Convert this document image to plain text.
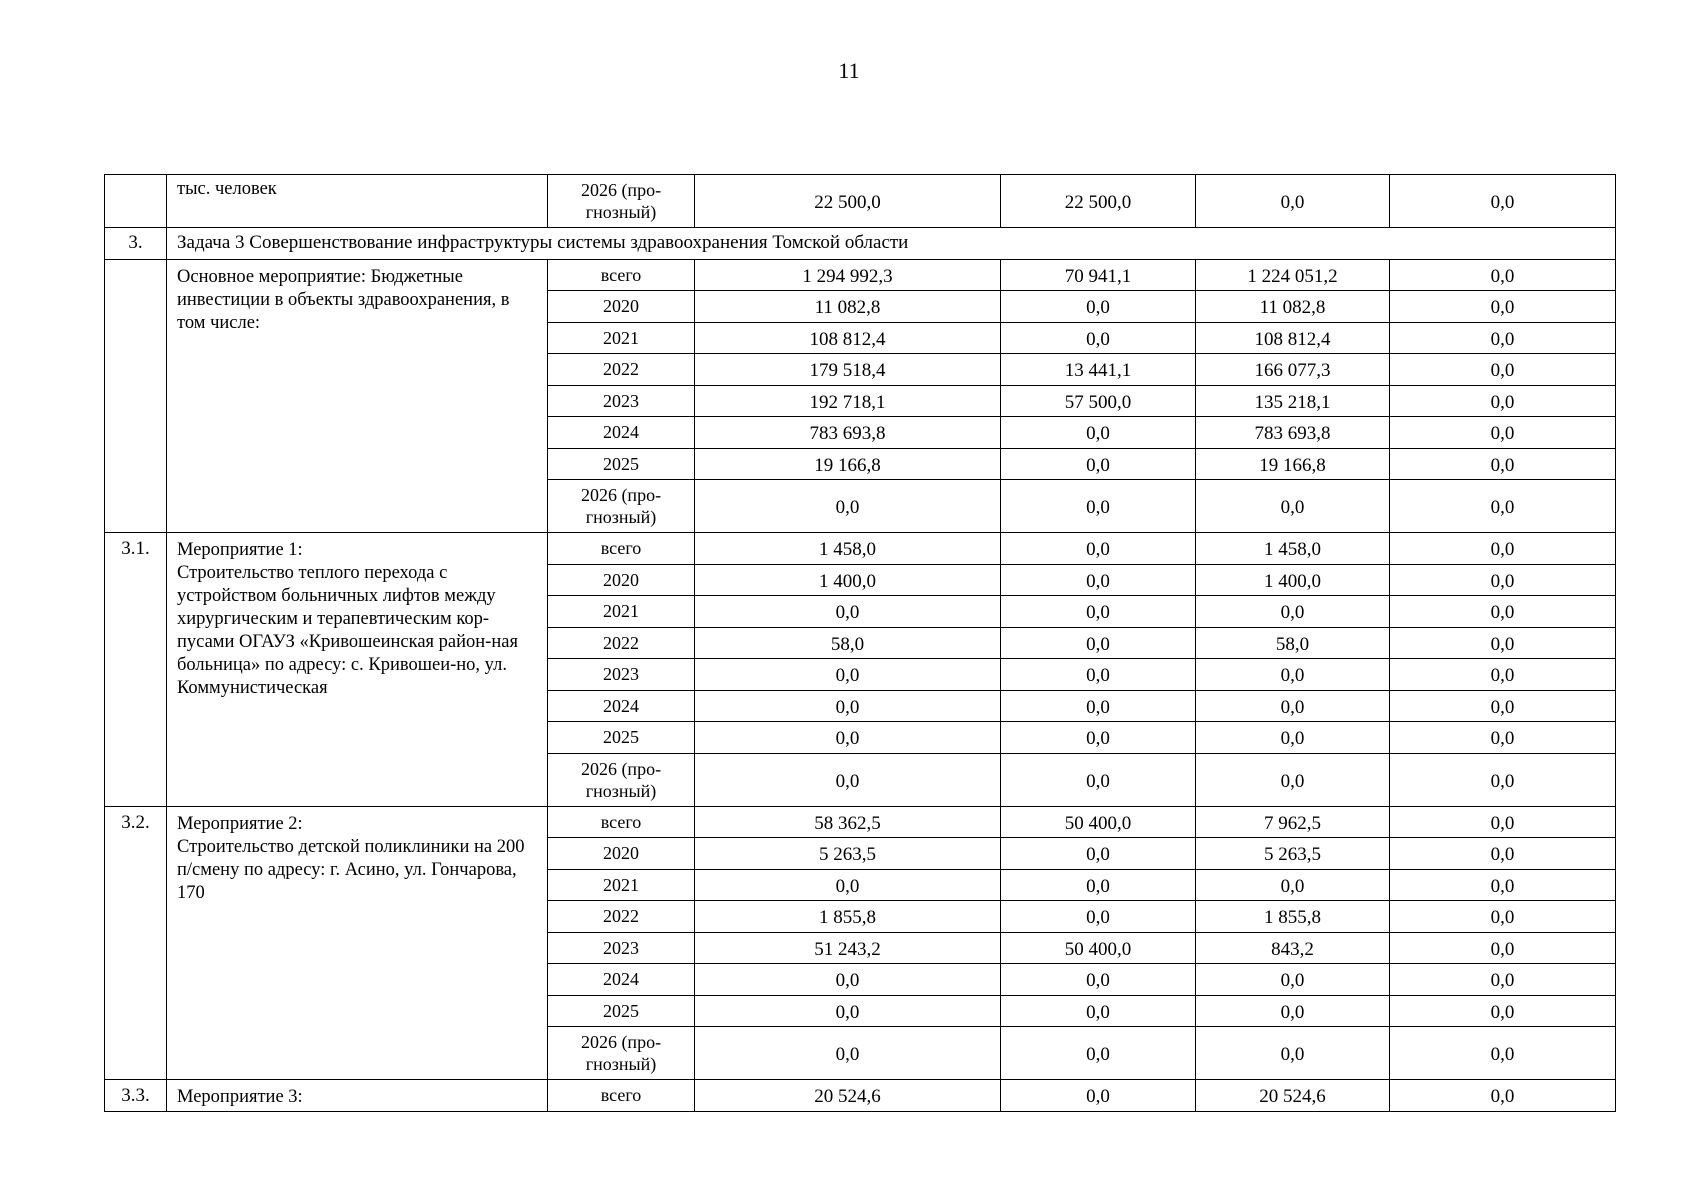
11
	тыс. человек	2026 (про-
гнозный)	22 500,0	22 500,0	0,0	0,0
3.	Задача 3 Совершенствование инфраструктуры системы здравоохранения Томской области					
	Основное мероприятие: Бюджетные инвестиции в объекты здравоохранения, в том числе:	всего	1 294 992,3	70 941,1	1 224 051,2	0,0
		2020	11 082,8	0,0	11 082,8	0,0
		2021	108 812,4	0,0	108 812,4	0,0
		2022	179 518,4	13 441,1	166 077,3	0,0
		2023	192 718,1	57 500,0	135 218,1	0,0
		2024	783 693,8	0,0	783 693,8	0,0
		2025	19 166,8	0,0	19 166,8	0,0
		2026 (про-
гнозный)	0,0	0,0	0,0	0,0
3.1.	Мероприятие 1:
Строительство теплого перехода с устройством больничных лифтов между хирургическим и терапевтическим кор-пусами ОГАУЗ «Кривошеинская район-ная больница» по адресу: с. Кривошеи-но, ул. Коммунистическая	всего	1 458,0	0,0	1 458,0	0,0
		2020	1 400,0	0,0	1 400,0	0,0
		2021	0,0	0,0	0,0	0,0
		2022	58,0	0,0	58,0	0,0
		2023	0,0	0,0	0,0	0,0
		2024	0,0	0,0	0,0	0,0
		2025	0,0	0,0	0,0	0,0
		2026 (про-
гнозный)	0,0	0,0	0,0	0,0
3.2.	Мероприятие 2:
Строительство детской поликлиники на 200 п/смену по адресу: г. Асино, ул. Гончарова, 170	всего	58 362,5	50 400,0	7 962,5	0,0
		2020	5 263,5	0,0	5 263,5	0,0
		2021	0,0	0,0	0,0	0,0
		2022	1 855,8	0,0	1 855,8	0,0
		2023	51 243,2	50 400,0	843,2	0,0
		2024	0,0	0,0	0,0	0,0
		2025	0,0	0,0	0,0	0,0
		2026 (про-
гнозный)	0,0	0,0	0,0	0,0
3.3.	Мероприятие 3:	всего	20 524,6	0,0	20 524,6	0,0
